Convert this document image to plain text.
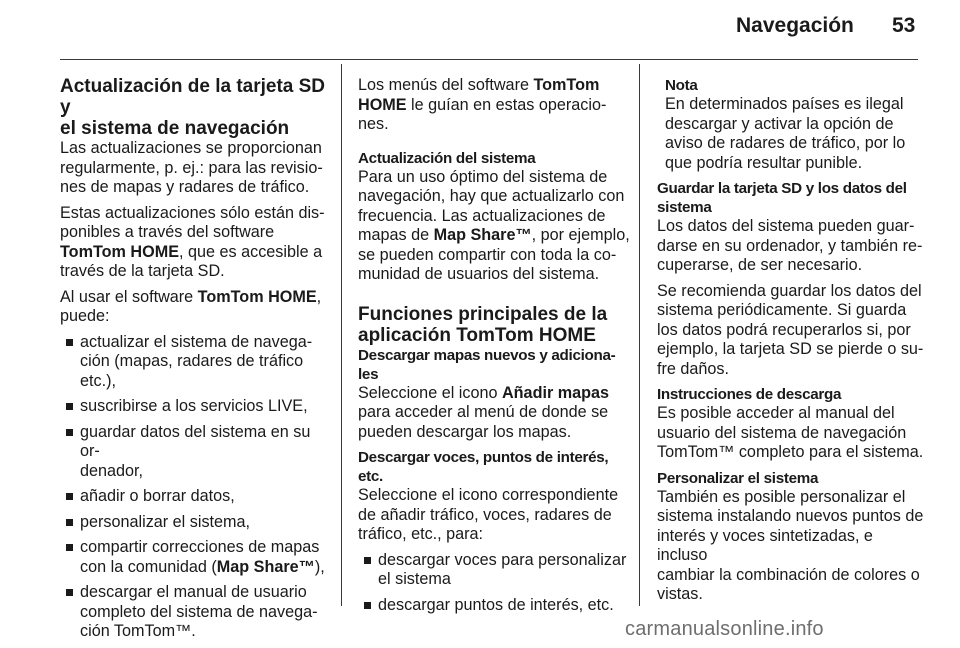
Navegación 53
Actualización de la tarjeta SD y
el sistema de navegación

Las actualizaciones se proporcionan
regularmente, p. ej.: para las revisio-
nes de mapas y radares de tráfico.

Estas actualizaciones sólo están dis-
ponibles a través del software
TomTom HOME, que es accesible a
través de la tarjeta SD.

Al usar el software TomTom HOME,
puede:

actualizar el sistema de navega-
ción (mapas, radares de tráfico
etc.),
suscribirse a los servicios LIVE,
guardar datos del sistema en su or-
denador,
añadir o borrar datos,
personalizar el sistema,
compartir correcciones de mapas
con la comunidad (Map Share™),
descargar el manual de usuario
completo del sistema de navega-
ción TomTom™.

Los menús del software TomTom
HOME le guían en estas operacio-
nes.

Actualización del sistema

Para un uso óptimo del sistema de
navegación, hay que actualizarlo con
frecuencia. Las actualizaciones de
mapas de Map Share™, por ejemplo,
se pueden compartir con toda la co-
munidad de usuarios del sistema.

Funciones principales de la
aplicación TomTom HOME
Descargar mapas nuevos y adiciona-
les

Seleccione el icono Añadir mapas
para acceder al menú de donde se
pueden descargar los mapas.

Descargar voces, puntos de interés,
etc.

Seleccione el icono correspondiente
de añadir tráfico, voces, radares de
tráfico, etc., para:

descargar voces para personalizar
el sistema
descargar puntos de interés, etc.
Nota
En determinados países es ilegal
descargar y activar la opción de
aviso de radares de tráfico, por lo
que podría resultar punible.
Guardar la tarjeta SD y los datos del
sistema

Los datos del sistema pueden guar-
darse en su ordenador, y también re-
cuperarse, de ser necesario.

Se recomienda guardar los datos del
sistema periódicamente. Si guarda
los datos podrá recuperarlos si, por
ejemplo, la tarjeta SD se pierde o su-
fre daños.

Instrucciones de descarga

Es posible acceder al manual del
usuario del sistema de navegación
TomTom™ completo para el sistema.

Personalizar el sistema

También es posible personalizar el
sistema instalando nuevos puntos de
interés y voces sintetizadas, e incluso
cambiar la combinación de colores o
vistas.

carmanualsonline.info
